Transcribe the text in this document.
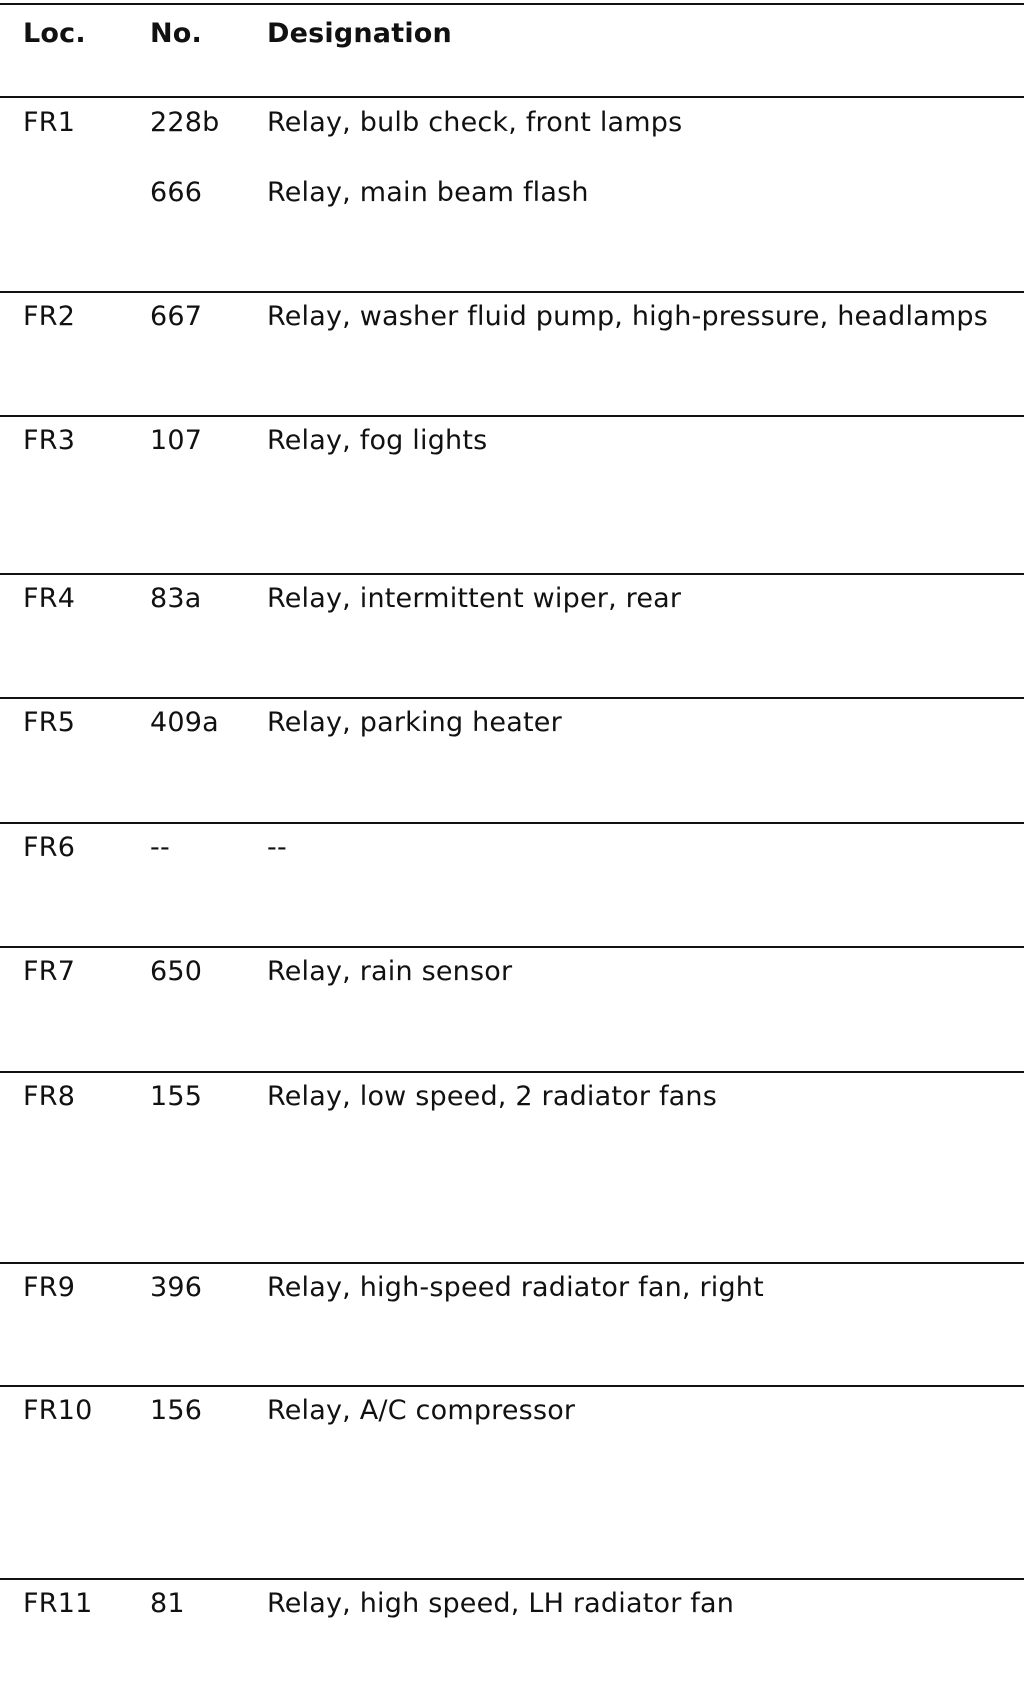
Loc. No. Designation
FR1	228b Relay, bulb check, front lamps
666 Relay, main beam flash
FR2	667 Relay, washer fluid pump, high-pressure, headlamps
FR3	107 Relay, fog lights
FR4	83a Relay, intermittent wiper, rear
FR5	409a Relay, parking heater
FR6	--	--
FR7	650 Relay, rain sensor
FR8	155 Relay, low speed, 2 radiator fans
FR9	396 Relay, high-speed radiator fan, right
FR10 156 Relay, A/C compressor
FR11 81	Relay, high speed, LH radiator fan
